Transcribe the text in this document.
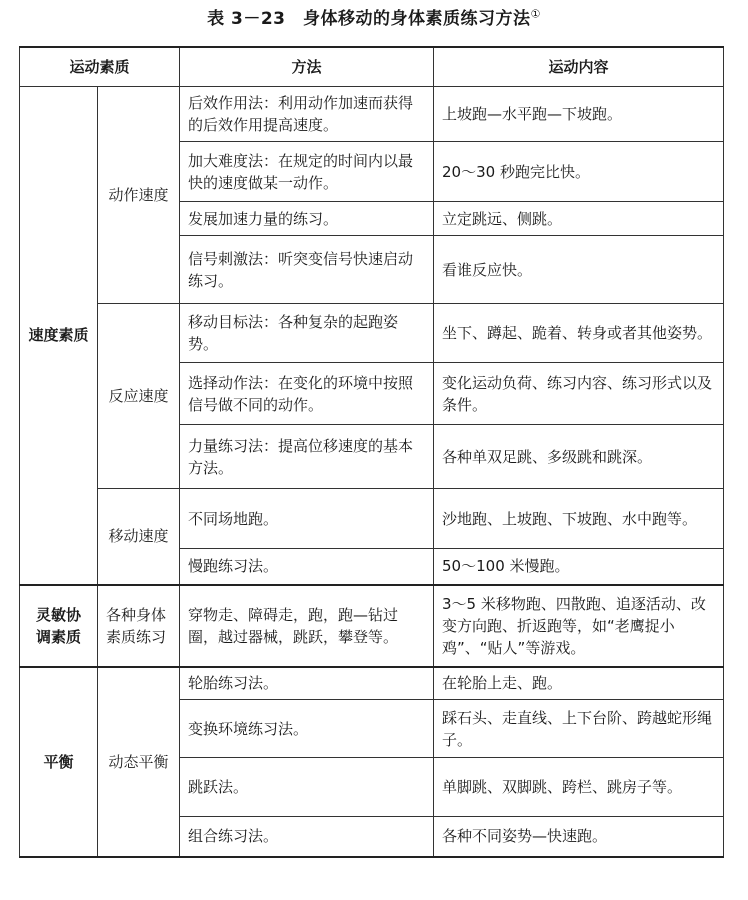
表 3－23　身体移动的身体素质练习方法①
运动素质		方法	运动内容
速度素质	动作速度	后效作用法：利用动作加速而获得的后效作用提高速度。	上坡跑—水平跑—下坡跑。
		加大难度法：在规定的时间内以最快的速度做某一动作。	20～30 秒跑完比快。
		发展加速力量的练习。	立定跳远、侧跳。
		信号刺激法：听突变信号快速启动练习。	看谁反应快。
	反应速度	移动目标法：各种复杂的起跑姿势。	坐下、蹲起、跪着、转身或者其他姿势。
		选择动作法：在变化的环境中按照信号做不同的动作。	变化运动负荷、练习内容、练习形式以及条件。
		力量练习法：提高位移速度的基本方法。	各种单双足跳、多级跳和跳深。
	移动速度	不同场地跑。	沙地跑、上坡跑、下坡跑、水中跑等。
		慢跑练习法。	50～100 米慢跑。
灵敏协调素质	各种身体素质练习	穿物走、障碍走，跑，跑—钻过圈，越过器械，跳跃，攀登等。	3～5 米移物跑、四散跑、追逐活动、改变方向跑、折返跑等，如“老鹰捉小鸡”、“贴人”等游戏。
平衡	动态平衡	轮胎练习法。	在轮胎上走、跑。
		变换环境练习法。	踩石头、走直线、上下台阶、跨越蛇形绳子。
		跳跃法。	单脚跳、双脚跳、跨栏、跳房子等。
		组合练习法。	各种不同姿势—快速跑。
